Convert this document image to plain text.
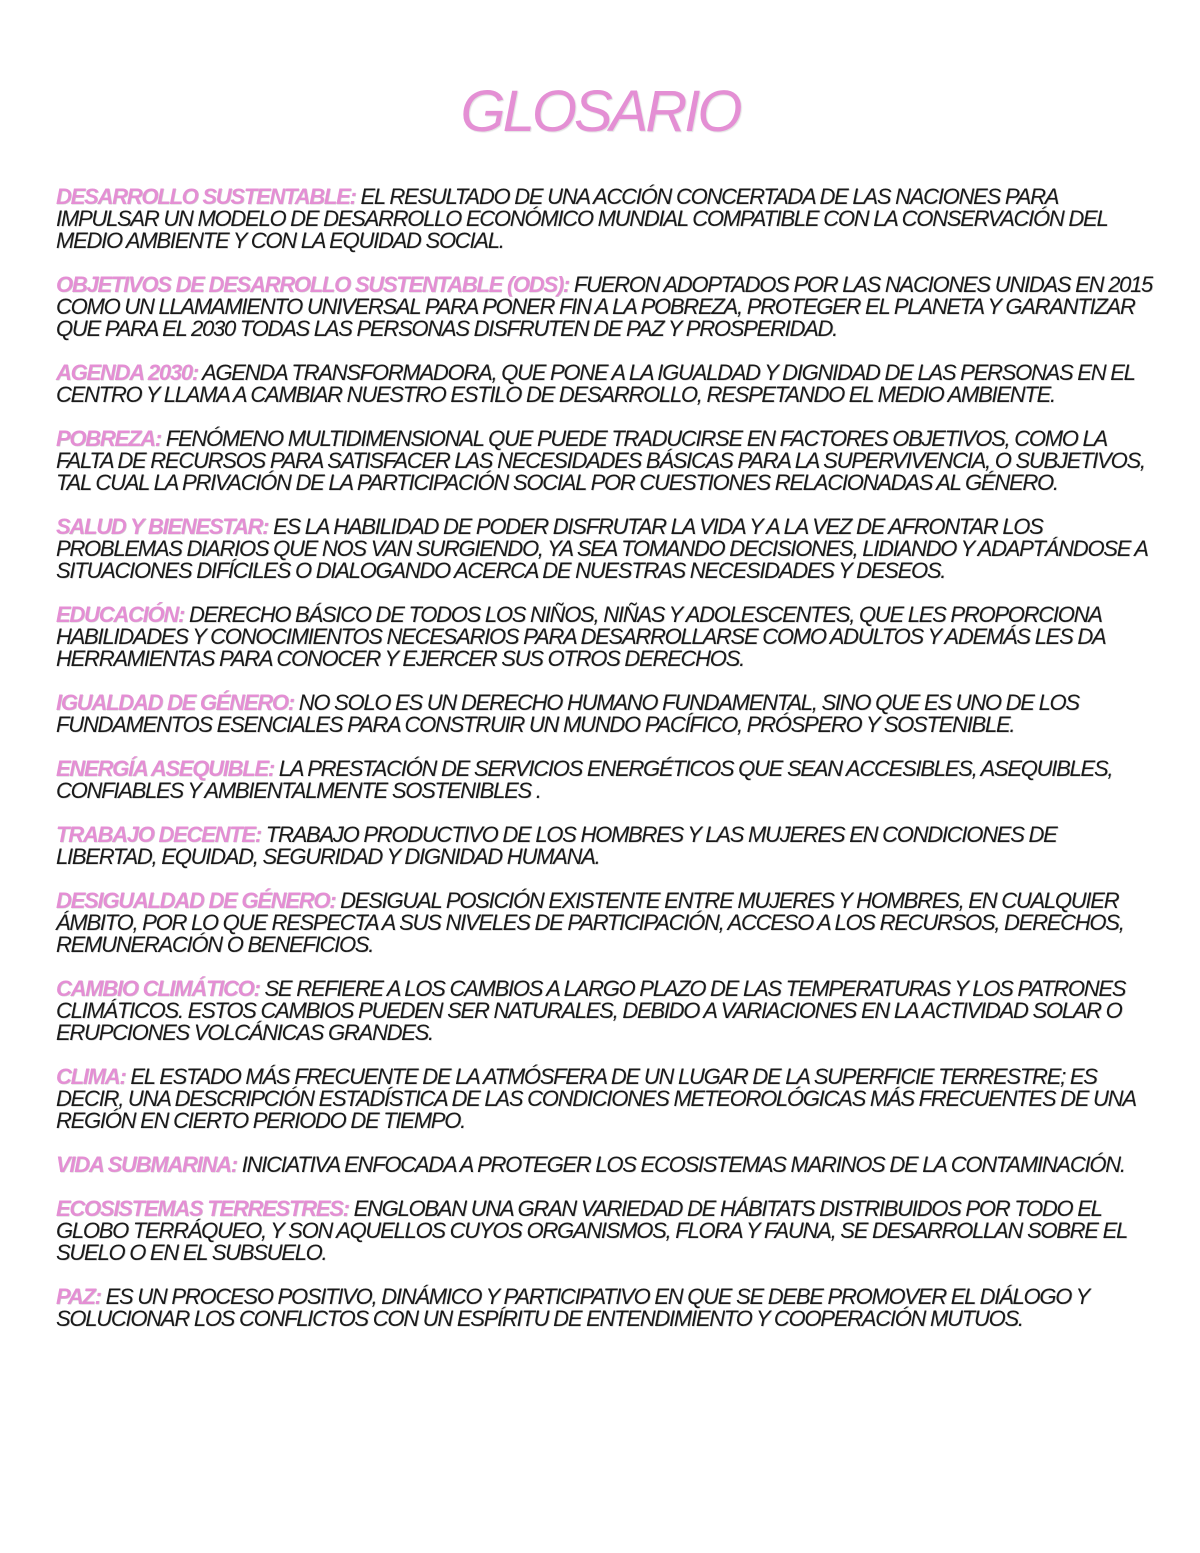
GLOSARIO

DESARROLLO SUSTENTABLE: EL RESULTADO DE UNA ACCIÓN CONCERTADA DE LAS NACIONES PARA IMPULSAR UN MODELO DE DESARROLLO ECONÓMICO MUNDIAL COMPATIBLE CON LA CONSERVACIÓN DEL MEDIO AMBIENTE Y CON LA EQUIDAD SOCIAL.

OBJETIVOS DE DESARROLLO SUSTENTABLE (ODS): FUERON ADOPTADOS POR LAS NACIONES UNIDAS EN 2015 COMO UN LLAMAMIENTO UNIVERSAL PARA PONER FIN A LA POBREZA, PROTEGER EL PLANETA Y GARANTIZAR QUE PARA EL 2030 TODAS LAS PERSONAS DISFRUTEN DE PAZ Y PROSPERIDAD.

AGENDA 2030: AGENDA TRANSFORMADORA, QUE PONE A LA IGUALDAD Y DIGNIDAD DE LAS PERSONAS EN EL CENTRO Y LLAMA A CAMBIAR NUESTRO ESTILO DE DESARROLLO, RESPETANDO EL MEDIO AMBIENTE.

POBREZA: FENÓMENO MULTIDIMENSIONAL QUE PUEDE TRADUCIRSE EN FACTORES OBJETIVOS, COMO LA FALTA DE RECURSOS PARA SATISFACER LAS NECESIDADES BÁSICAS PARA LA SUPERVIVENCIA, O SUBJETIVOS, TAL CUAL LA PRIVACIÓN DE LA PARTICIPACIÓN SOCIAL POR CUESTIONES RELACIONADAS AL GÉNERO.

SALUD Y BIENESTAR: ES LA HABILIDAD DE PODER DISFRUTAR LA VIDA Y A LA VEZ DE AFRONTAR LOS PROBLEMAS DIARIOS QUE NOS VAN SURGIENDO, YA SEA TOMANDO DECISIONES, LIDIANDO Y ADAPTÁNDOSE A SITUACIONES DIFÍCILES O DIALOGANDO ACERCA DE NUESTRAS NECESIDADES Y DESEOS.

EDUCACIÓN: DERECHO BÁSICO DE TODOS LOS NIÑOS, NIÑAS Y ADOLESCENTES, QUE LES PROPORCIONA HABILIDADES Y CONOCIMIENTOS NECESARIOS PARA DESARROLLARSE COMO ADULTOS Y ADEMÁS LES DA HERRAMIENTAS PARA CONOCER Y EJERCER SUS OTROS DERECHOS.

IGUALDAD DE GÉNERO: NO SOLO ES UN DERECHO HUMANO FUNDAMENTAL, SINO QUE ES UNO DE LOS FUNDAMENTOS ESENCIALES PARA CONSTRUIR UN MUNDO PACÍFICO, PRÓSPERO Y SOSTENIBLE.

ENERGÍA ASEQUIBLE: LA PRESTACIÓN DE SERVICIOS ENERGÉTICOS QUE SEAN ACCESIBLES, ASEQUIBLES, CONFIABLES Y AMBIENTALMENTE SOSTENIBLES .

TRABAJO DECENTE: TRABAJO PRODUCTIVO DE LOS HOMBRES Y LAS MUJERES EN CONDICIONES DE LIBERTAD, EQUIDAD, SEGURIDAD Y DIGNIDAD HUMANA.

DESIGUALDAD DE GÉNERO: DESIGUAL POSICIÓN EXISTENTE ENTRE MUJERES Y HOMBRES, EN CUALQUIER ÁMBITO, POR LO QUE RESPECTA A SUS NIVELES DE PARTICIPACIÓN, ACCESO A LOS RECURSOS, DERECHOS, REMUNERACIÓN O BENEFICIOS.

CAMBIO CLIMÁTICO: SE REFIERE A LOS CAMBIOS A LARGO PLAZO DE LAS TEMPERATURAS Y LOS PATRONES CLIMÁTICOS. ESTOS CAMBIOS PUEDEN SER NATURALES, DEBIDO A VARIACIONES EN LA ACTIVIDAD SOLAR O ERUPCIONES VOLCÁNICAS GRANDES.

CLIMA: EL ESTADO MÁS FRECUENTE DE LA ATMÓSFERA DE UN LUGAR DE LA SUPERFICIE TERRESTRE; ES DECIR, UNA DESCRIPCIÓN ESTADÍSTICA DE LAS CONDICIONES METEOROLÓGICAS MÁS FRECUENTES DE UNA REGIÓN EN CIERTO PERIODO DE TIEMPO.

VIDA SUBMARINA: INICIATIVA ENFOCADA A PROTEGER LOS ECOSISTEMAS MARINOS DE LA CONTAMINACIÓN.

ECOSISTEMAS TERRESTRES: ENGLOBAN UNA GRAN VARIEDAD DE HÁBITATS DISTRIBUIDOS POR TODO EL GLOBO TERRÁQUEO, Y SON AQUELLOS CUYOS ORGANISMOS, FLORA Y FAUNA, SE DESARROLLAN SOBRE EL SUELO O EN EL SUBSUELO.

PAZ: ES UN PROCESO POSITIVO, DINÁMICO Y PARTICIPATIVO EN QUE SE DEBE PROMOVER EL DIÁLOGO Y SOLUCIONAR LOS CONFLICTOS CON UN ESPÍRITU DE ENTENDIMIENTO Y COOPERACIÓN MUTUOS.
